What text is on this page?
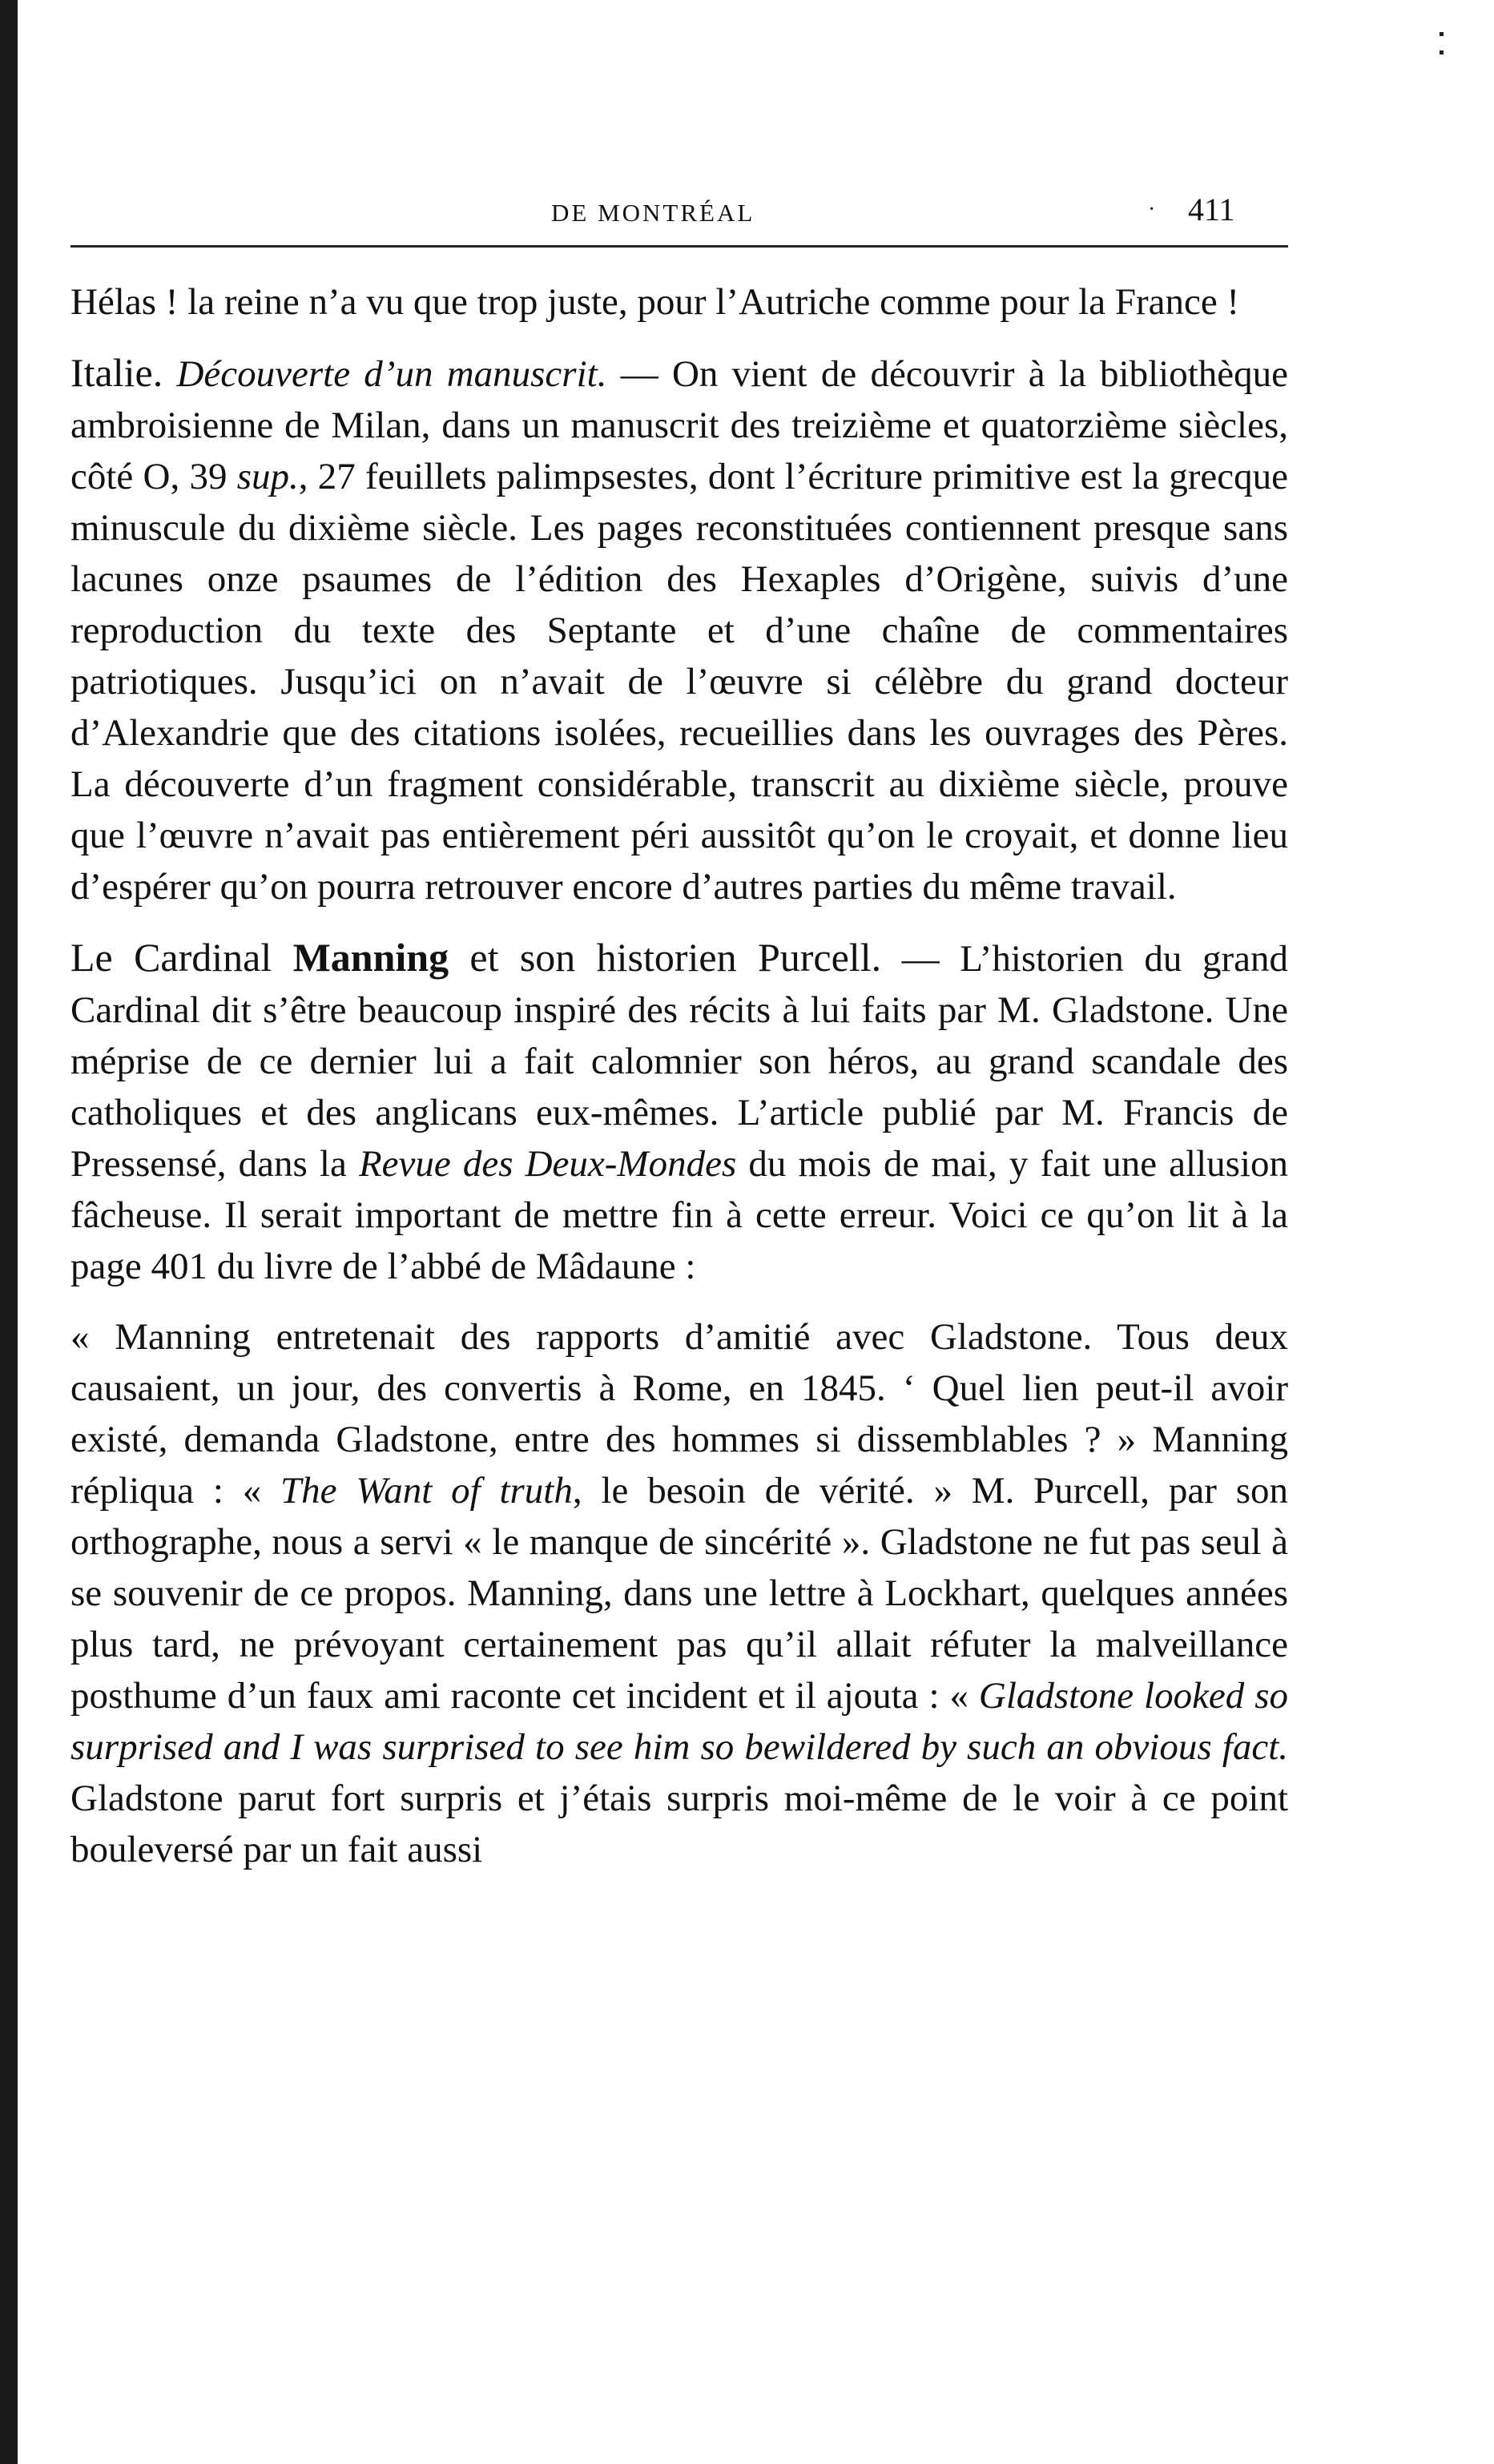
DE MONTRÉAL	· 411

Hélas ! la reine n’a vu que trop juste, pour l’Autriche comme pour la France !

Italie. Découverte d’un manuscrit. — On vient de découvrir à la bibliothèque ambroisienne de Milan, dans un manuscrit des treizième et quatorzième siècles, côté O, 39 sup., 27 feuillets palimpsestes, dont l’écriture primitive est la grecque minuscule du dixième siècle. Les pages reconstituées contiennent presque sans lacunes onze psaumes de l’édition des Hexaples d’Origène, suivis d’une reproduction du texte des Septante et d’une chaîne de commentaires patriotiques. Jusqu’ici on n’avait de l’œuvre si célèbre du grand docteur d’Alexandrie que des citations isolées, recueillies dans les ouvrages des Pères. La découverte d’un fragment considérable, transcrit au dixième siècle, prouve que l’œuvre n’avait pas entièrement péri aussitôt qu’on le croyait, et donne lieu d’espérer qu’on pourra retrouver encore d’autres parties du même travail.

Le Cardinal Manning et son historien Purcell. — L’historien du grand Cardinal dit s’être beaucoup inspiré des récits à lui faits par M. Gladstone. Une méprise de ce dernier lui a fait calomnier son héros, au grand scandale des catholiques et des anglicans eux-mêmes. L’article publié par M. Francis de Pressensé, dans la Revue des Deux-Mondes du mois de mai, y fait une allusion fâcheuse. Il serait important de mettre fin à cette erreur. Voici ce qu’on lit à la page 401 du livre de l’abbé de Mâdaune :

« Manning entretenait des rapports d’amitié avec Gladstone. Tous deux causaient, un jour, des convertis à Rome, en 1845. ‘ Quel lien peut-il avoir existé, demanda Gladstone, entre des hommes si dissemblables ? » Manning répliqua : « The Want of truth, le besoin de vérité. » M. Purcell, par son orthographe, nous a servi « le manque de sincérité ». Gladstone ne fut pas seul à se souvenir de ce propos. Manning, dans une lettre à Lockhart, quelques années plus tard, ne prévoyant certainement pas qu’il allait réfuter la malveillance posthume d’un faux ami raconte cet incident et il ajouta : « Gladstone looked so surprised and I was surprised to see him so bewildered by such an obvious fact. Gladstone parut fort surpris et j’étais surpris moi-même de le voir à ce point bouleversé par un fait aussi
